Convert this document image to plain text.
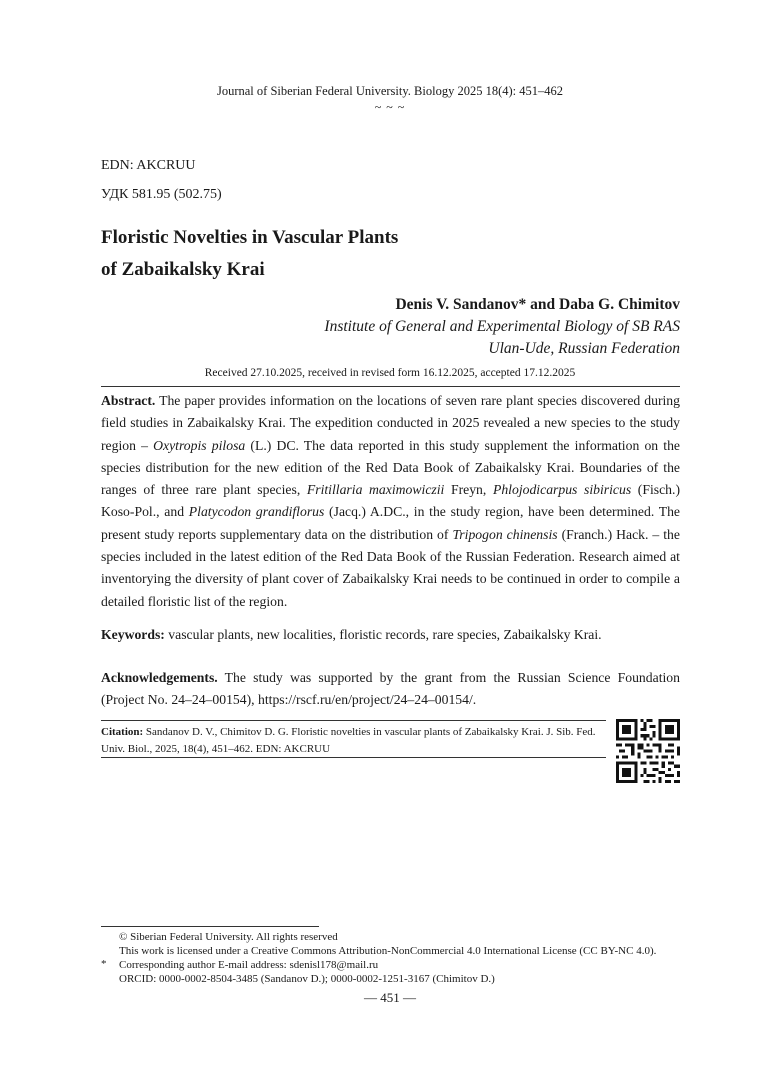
Journal of Siberian Federal University. Biology 2025 18(4): 451–462
~ ~ ~
EDN: AKCRUU
УДК 581.95 (502.75)
Floristic Novelties in Vascular Plants
of Zabaikalsky Krai
Denis V. Sandanov* and Daba G. Chimitov
Institute of General and Experimental Biology of SB RAS
Ulan-Ude, Russian Federation
Received 27.10.2025, received in revised form 16.12.2025, accepted 17.12.2025
Abstract. The paper provides information on the locations of seven rare plant species discovered during field studies in Zabaikalsky Krai. The expedition conducted in 2025 revealed a new species to the study region – Oxytropis pilosa (L.) DC. The data reported in this study supplement the information on the species distribution for the new edition of the Red Data Book of Zabaikalsky Krai. Boundaries of the ranges of three rare plant species, Fritillaria maximowiczii Freyn, Phlojodicarpus sibiricus (Fisch.) Koso-Pol., and Platycodon grandiflorus (Jacq.) A.DC., in the study region, have been determined. The present study reports supplementary data on the distribution of Tripogon chinensis (Franch.) Hack. – the species included in the latest edition of the Red Data Book of the Russian Federation. Research aimed at inventorying the diversity of plant cover of Zabaikalsky Krai needs to be continued in order to compile a detailed floristic list of the region.
Keywords: vascular plants, new localities, floristic records, rare species, Zabaikalsky Krai.
Acknowledgements. The study was supported by the grant from the Russian Science Foundation (Project No. 24–24–00154), https://rscf.ru/en/project/24–24–00154/.
Citation: Sandanov D. V., Chimitov D. G. Floristic novelties in vascular plants of Zabaikalsky Krai. J. Sib. Fed. Univ. Biol., 2025, 18(4), 451–462. EDN: AKCRUU
© Siberian Federal University. All rights reserved
This work is licensed under a Creative Commons Attribution-NonCommercial 4.0 International License (CC BY-NC 4.0).
* Corresponding author E-mail address: sdenisl178@mail.ru
ORCID: 0000-0002-8504-3485 (Sandanov D.); 0000-0002-1251-3167 (Chimitov D.)
— 451 —
